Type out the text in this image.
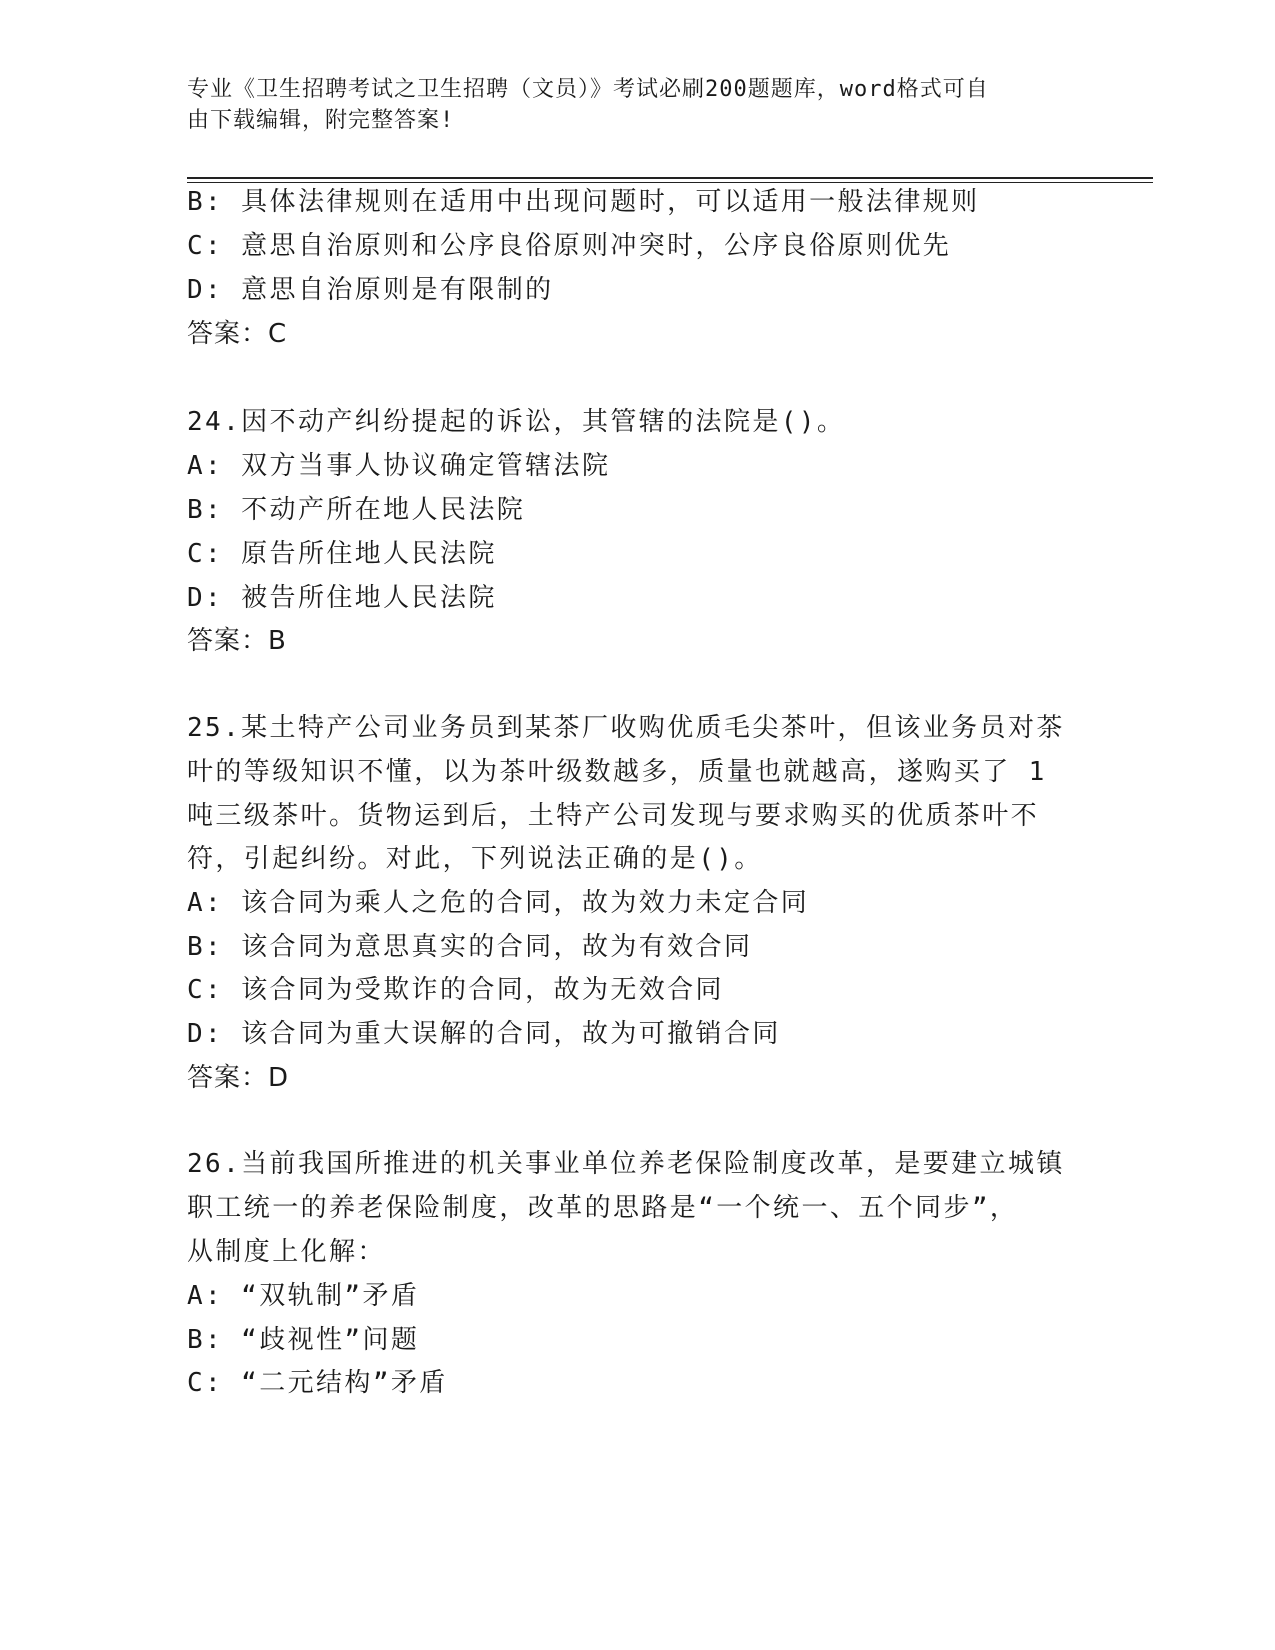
专业《卫生招聘考试之卫生招聘（文员）》考试必刷200题题库，word格式可自
由下载编辑，附完整答案!
B: 具体法律规则在适用中出现问题时，可以适用一般法律规则
C: 意思自治原则和公序良俗原则冲突时，公序良俗原则优先
D: 意思自治原则是有限制的
答案：C
24.因不动产纠纷提起的诉讼，其管辖的法院是()。
A: 双方当事人协议确定管辖法院
B: 不动产所在地人民法院
C: 原告所住地人民法院
D: 被告所住地人民法院
答案：B
25.某土特产公司业务员到某茶厂收购优质毛尖茶叶，但该业务员对茶
叶的等级知识不懂，以为茶叶级数越多，质量也就越高，遂购买了 1
吨三级茶叶。货物运到后，土特产公司发现与要求购买的优质茶叶不
符，引起纠纷。对此，下列说法正确的是()。
A: 该合同为乘人之危的合同，故为效力未定合同
B: 该合同为意思真实的合同，故为有效合同
C: 该合同为受欺诈的合同，故为无效合同
D: 该合同为重大误解的合同，故为可撤销合同
答案：D
26.当前我国所推进的机关事业单位养老保险制度改革，是要建立城镇
职工统一的养老保险制度，改革的思路是“一个统一、五个同步”，
从制度上化解：
A: “双轨制”矛盾
B: “歧视性”问题
C: “二元结构”矛盾
